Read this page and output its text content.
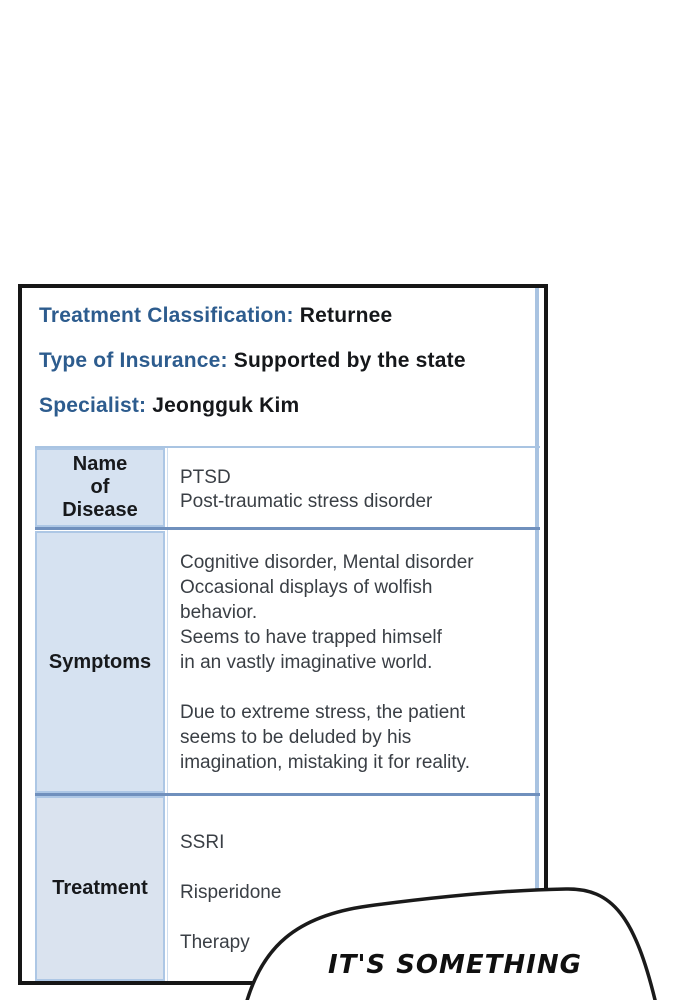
Treatment Classification: Returnee
Type of Insurance: Supported by the state
Specialist: Jeongguk Kim
Name
of
Disease
PTSD
Post-traumatic stress disorder
Symptoms
Cognitive disorder, Mental disorder
Occasional displays of wolfish
behavior.
Seems to have trapped himself
in an vastly imaginative world.
Due to extreme stress, the patient
seems to be deluded by his
imagination, mistaking it for reality.
Treatment
SSRI
Risperidone
Therapy
IT'S SOMETHING
